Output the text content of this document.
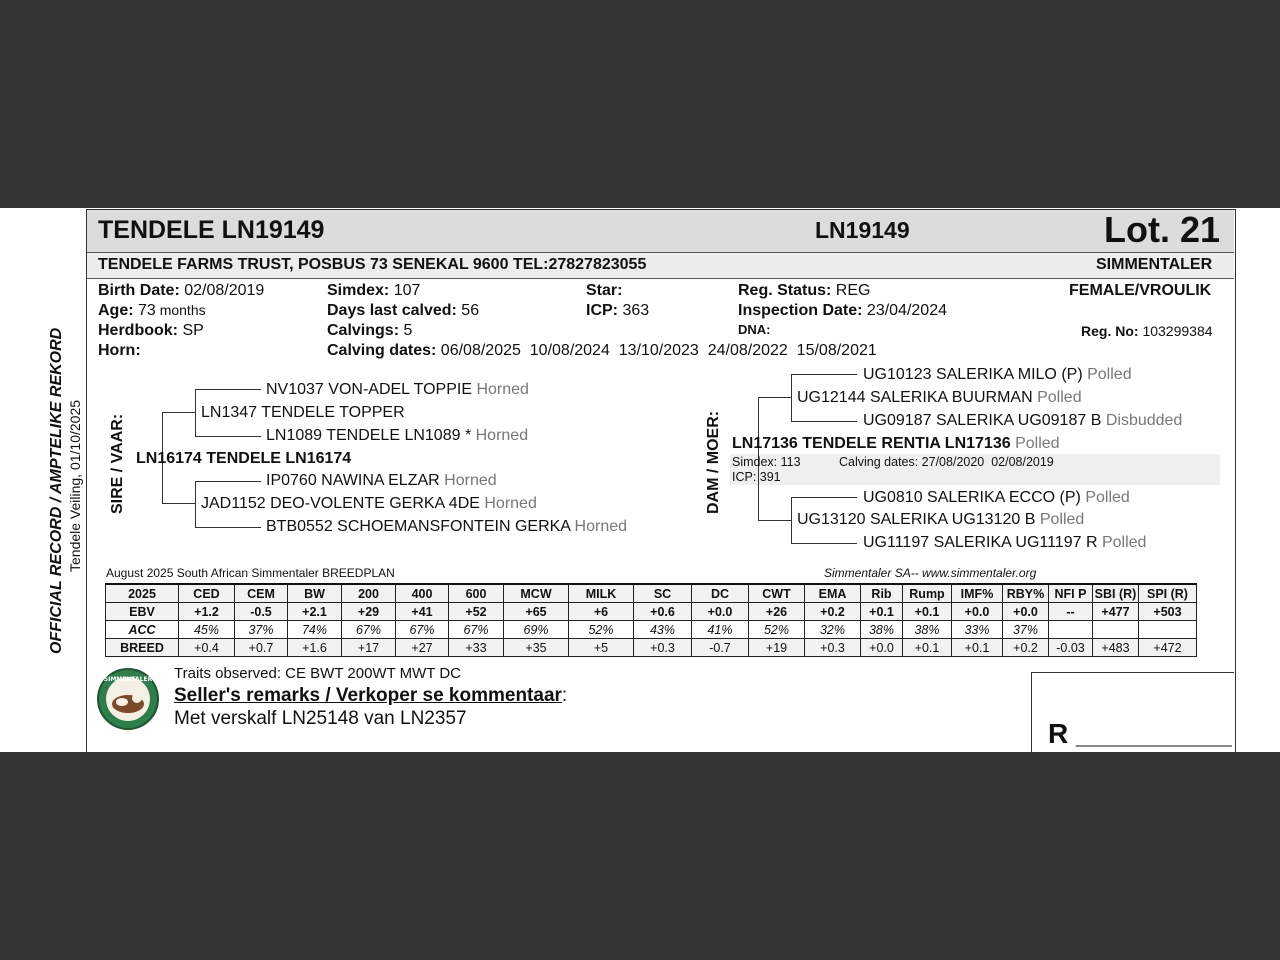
OFFICIAL RECORD / AMPTELIKE REKORD Tendele Veiling, 01/10/2025
TENDELE LN19149	LN19149	Lot. 21
TENDELE FARMS TRUST, POSBUS 73 SENEKAL 9600 TEL:27827823055	SIMMENTALER
Birth Date: 02/08/2019
Age: 73 months
Herdbook: SP
Horn:
Simdex: 107
Days last calved: 56
Calvings: 5
Calving dates: 06/08/2025  10/08/2024  13/10/2023  24/08/2022  15/08/2021
Star:
ICP: 363
Reg. Status: REG
Inspection Date: 23/04/2024
DNA:
FEMALE/VROULIK
Reg. No: 103299384
SIRE / VAAR:	DAM / MOER:
NV1037 VON-ADEL TOPPIE Horned
LN1347 TENDELE TOPPER
LN1089 TENDELE LN1089 * Horned
LN16174 TENDELE LN16174
IP0760 NAWINA ELZAR Horned
JAD1152 DEO-VOLENTE GERKA 4DE Horned
BTB0552 SCHOEMANSFONTEIN GERKA Horned
UG10123 SALERIKA MILO (P) Polled
UG12144 SALERIKA BUURMAN Polled
UG09187 SALERIKA UG09187 B Disbudded
LN17136 TENDELE RENTIA LN17136 Polled
Simdex: 113	Calving dates: 27/08/2020  02/08/2019
ICP: 391
UG0810 SALERIKA ECCO (P) Polled
UG13120 SALERIKA UG13120 B Polled
UG11197 SALERIKA UG11197 R Polled
August 2025 South African Simmentaler BREEDPLAN	Simmentaler SA-- www.simmentaler.org
2025	CED	CEM	BW	200	400	600	MCW	MILK	SC	DC	CWT	EMA	Rib	Rump	IMF%	RBY%	NFI P	SBI (R)	SPI (R)
EBV	+1.2	-0.5	+2.1	+29	+41	+52	+65	+6	+0.6	+0.0	+26	+0.2	+0.1	+0.1	+0.0	+0.0	--	+477	+503
ACC	45%	37%	74%	67%	67%	67%	69%	52%	43%	41%	52%	32%	38%	38%	33%	37%			
BREED	+0.4	+0.7	+1.6	+17	+27	+33	+35	+5	+0.3	-0.7	+19	+0.3	+0.0	+0.1	+0.1	+0.2	-0.03	+483	+472
SIMMENTALER Traits observed: CE BWT 200WT MWT DC
Seller's remarks / Verkoper se kommentaar:
Met verskalf LN25148 van LN2357	R __________
